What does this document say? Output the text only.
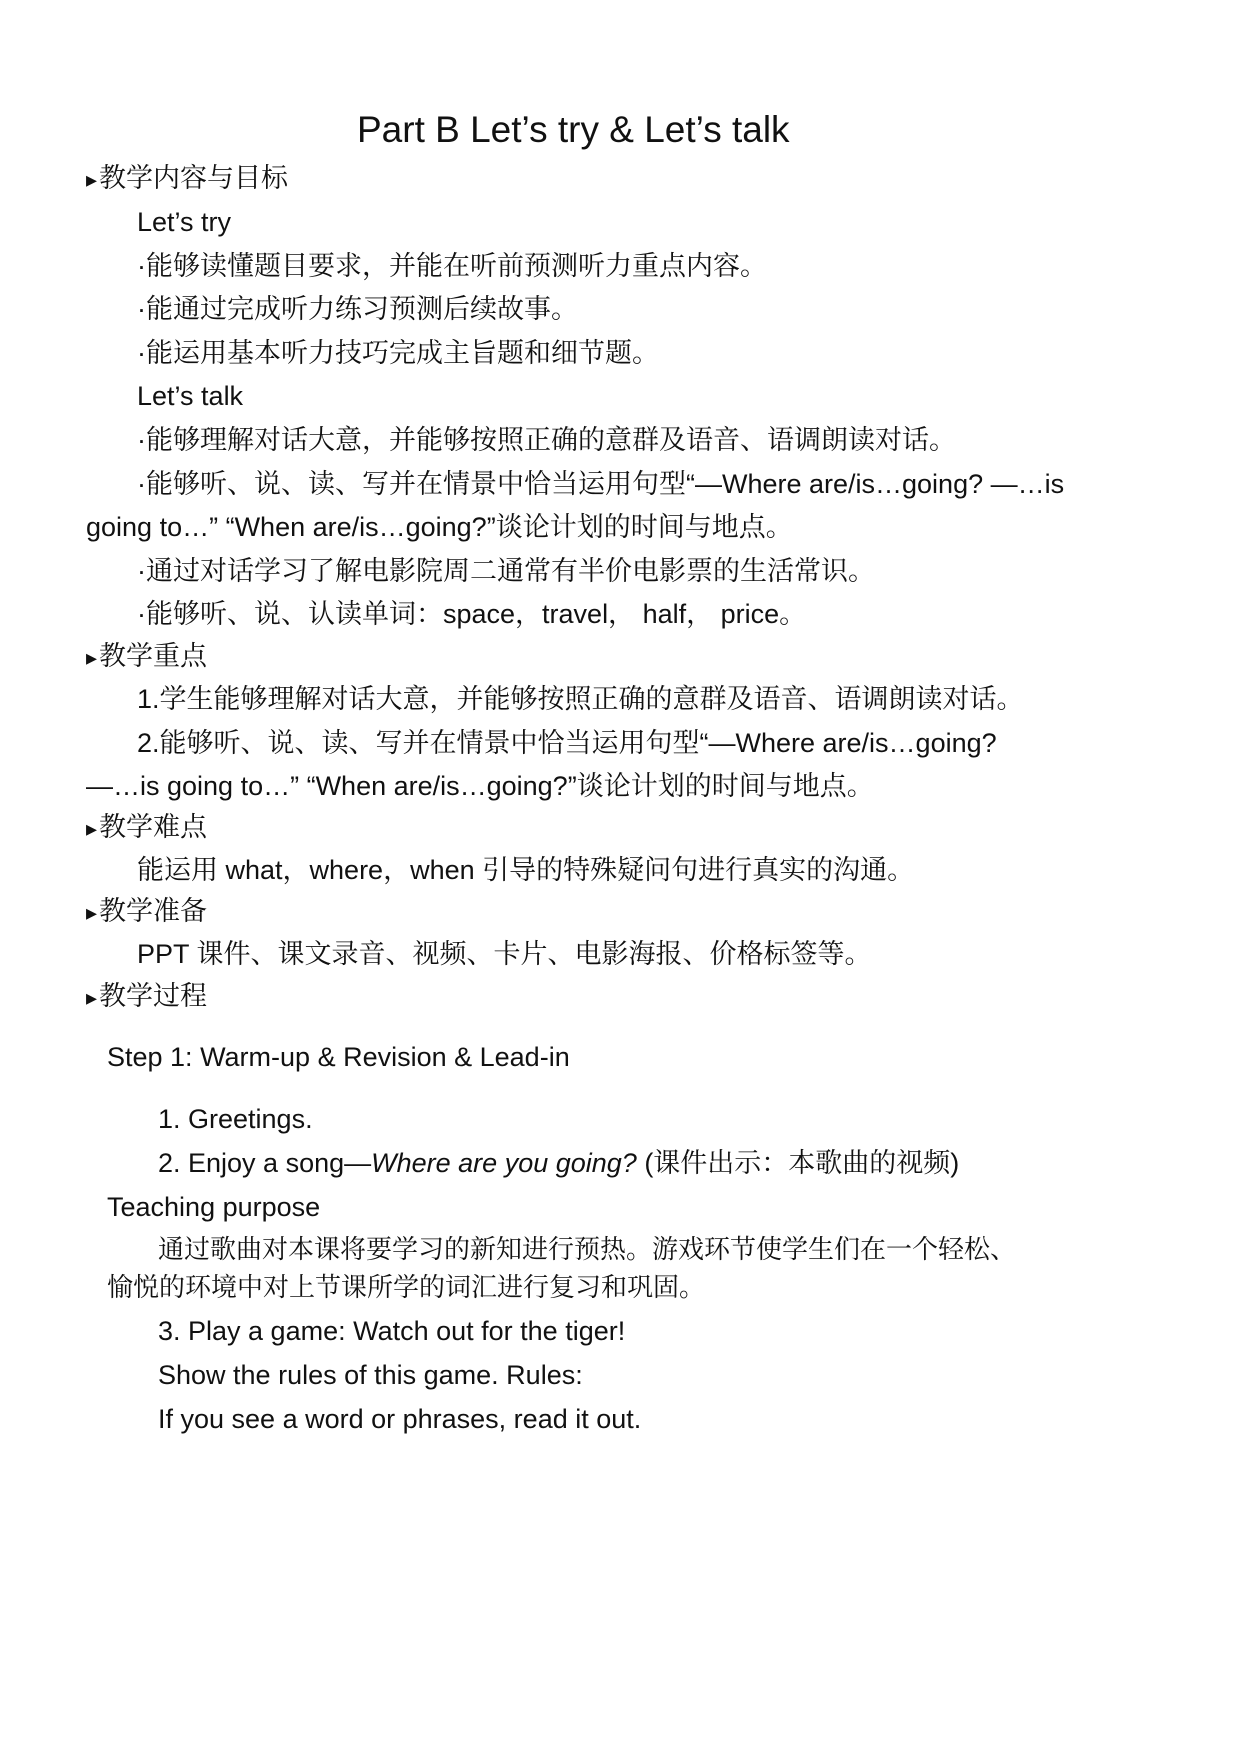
Part B Let’s try & Let’s talk
▸ 教学内容与目标
Let’s try
·能够读懂题目要求，并能在听前预测听力重点内容。
·能通过完成听力练习预测后续故事。
·能运用基本听力技巧完成主旨题和细节题。
Let’s talk
·能够理解对话大意，并能够按照正确的意群及语音、语调朗读对话。
·能够听、说、读、写并在情景中恰当运用句型“—Where are/is…going? —…is
going to…” “When are/is…going?”谈论计划的时间与地点。
·通过对话学习了解电影院周二通常有半价电影票的生活常识。
·能够听、说、认读单词：space，travel， half， price。
▸ 教学重点
1.学生能够理解对话大意，并能够按照正确的意群及语音、语调朗读对话。
2.能够听、说、读、写并在情景中恰当运用句型“—Where are/is…going?
—…is going to…” “When are/is…going?”谈论计划的时间与地点。
▸ 教学难点
能运用 what，where，when 引导的特殊疑问句进行真实的沟通。
▸ 教学准备
PPT 课件、课文录音、视频、卡片、电影海报、价格标签等。
▸ 教学过程
Step 1: Warm-up & Revision & Lead-in
1. Greetings.
2. Enjoy a song—Where are you going? (课件出示：本歌曲的视频)
Teaching purpose
通过歌曲对本课将要学习的新知进行预热。游戏环节使学生们在一个轻松、
愉悦的环境中对上节课所学的词汇进行复习和巩固。
3. Play a game: Watch out for the tiger!
Show the rules of this game. Rules:
If you see a word or phrases, read it out.
